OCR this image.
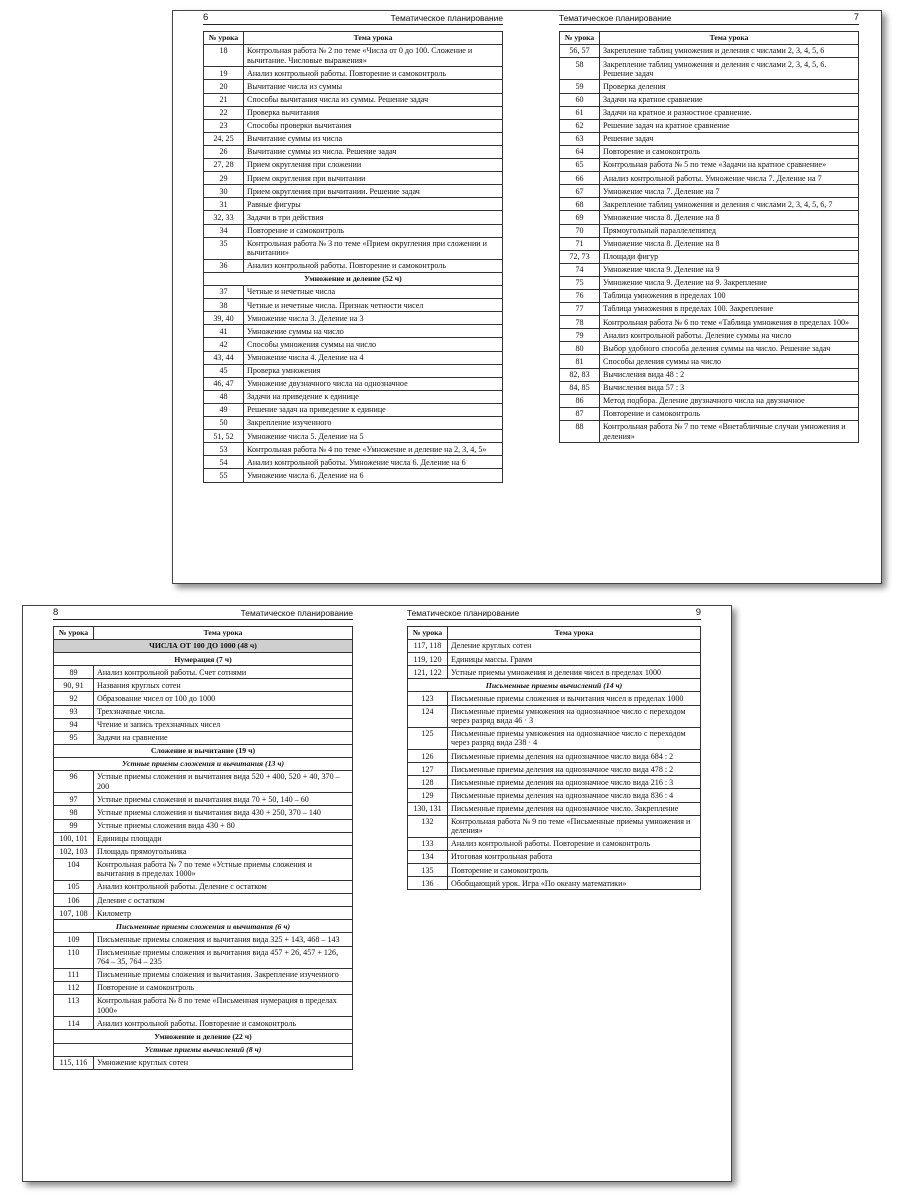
6	Тематическое планирование
№ урока	Тема урока
18	Контрольная работа № 2 по теме «Числа от 0 до 100. Сложение и вычитание. Числовые выражения»
19	Анализ контрольной работы. Повторение и самоконтроль
20	Вычитание числа из суммы
21	Способы вычитания числа из суммы. Решение задач
22	Проверка вычитания
23	Способы проверки вычитания
24, 25	Вычитание суммы из числа
26	Вычитание суммы из числа. Решение задач
27, 28	Прием округления при сложении
29	Прием округления при вычитании
30	Прием округления при вычитании. Решение задач
31	Равные фигуры
32, 33	Задачи в три действия
34	Повторение и самоконтроль
35	Контрольная работа № 3 по теме «Прием округления при сложении и вычитании»
36	Анализ контрольной работы. Повторение и самоконтроль
Умножение и деление (52 ч)	
37	Четные и нечетные числа
38	Четные и нечетные числа. Признак четности чисел
39, 40	Умножение числа 3. Деление на 3
41	Умножение суммы на число
42	Способы умножения суммы на число
43, 44	Умножение числа 4. Деление на 4
45	Проверка умножения
46, 47	Умножение двузначного числа на однозначное
48	Задачи на приведение к единице
49	Решение задач на приведение к единице
50	Закрепление изученного
51, 52	Умножение числа 5. Деление на 5
53	Контрольная работа № 4 по теме «Умножение и деление на 2, 3, 4, 5»
54	Анализ контрольной работы. Умножение числа 6. Деление на 6
55	Умножение числа 6. Деление на 6
Тематическое планирование	7
№ урока	Тема урока
56, 57	Закрепление таблиц умножения и деления с числами 2, 3, 4, 5, 6
58	Закрепление таблиц умножения и деления с числами 2, 3, 4, 5, 6. Решение задач
59	Проверка деления
60	Задачи на кратное сравнение
61	Задачи на кратное и разностное сравнение.
62	Решение задач на кратное сравнение
63	Решение задач
64	Повторение и самоконтроль
65	Контрольная работа № 5 по теме «Задачи на кратное сравнение»
66	Анализ контрольной работы. Умножение числа 7. Деление на 7
67	Умножение числа 7. Деление на 7
68	Закрепление таблиц умножения и деления с числами 2, 3, 4, 5, 6, 7
69	Умножение числа 8. Деление на 8
70	Прямоугольный параллелепипед
71	Умножение числа 8. Деление на 8
72, 73	Площади фигур
74	Умножение числа 9. Деление на 9
75	Умножение числа 9. Деление на 9. Закрепление
76	Таблица умножения в пределах 100
77	Таблица умножения в пределах 100. Закрепление
78	Контрольная работа № 6 по теме «Таблица умножения в пределах 100»
79	Анализ контрольной работы. Деление суммы на число
80	Выбор удобного способа деления суммы на число. Решение задач
81	Способы деления суммы на число
82, 83	Вычисления вида 48 : 2
84, 85	Вычисления вида 57 : 3
86	Метод подбора. Деление двузначного числа на двузначное
87	Повторение и самоконтроль
88	Контрольная работа № 7 по теме «Внетабличные случаи умножения и деления»
8	Тематическое планирование
№ урока	Тема урока
ЧИСЛА ОТ 100 ДО 1000 (48 ч)	
Нумерация (7 ч)	
89	Анализ контрольной работы. Счет сотнями
90, 91	Названия круглых сотен
92	Образование чисел от 100 до 1000
93	Трехзначные числа.
94	Чтение и запись трехзначных чисел
95	Задачи на сравнение
Сложение и вычитание (19 ч)	
Устные приемы сложения и вычитания (13 ч)	
96	Устные приемы сложения и вычитания вида 520 + 400, 520 + 40, 370 – 200
97	Устные приемы сложения и вычитания вида 70 + 50, 140 – 60
98	Устные приемы сложения и вычитания вида 430 + 250, 370 – 140
99	Устные приемы сложения вида 430 + 80
100, 101	Единицы площади
102, 103	Площадь прямоугольника
104	Контрольная работа № 7 по теме «Устные приемы сложения и вычитания в пределах 1000»
105	Анализ контрольной работы. Деление с остатком
106	Деление с остатком
107, 108	Километр
Письменные приемы сложения и вычитания (6 ч)	
109	Письменные приемы сложения и вычитания вида 325 + 143, 468 – 143
110	Письменные приемы сложения и вычитания вида 457 + 26, 457 + 126, 764 – 35, 764 – 235
111	Письменные приемы сложения и вычитания. Закрепление изученного
112	Повторение и самоконтроль
113	Контрольная работа № 8 по теме «Письменная нумерация в пределах 1000»
114	Анализ контрольной работы. Повторение и самоконтроль
Умножение и деление (22 ч)	
Устные приемы вычислений (8 ч)	
115, 116	Умножение круглых сотен
Тематическое планирование	9
№ урока	Тема урока
117, 118	Деление круглых сотен
119, 120	Единицы массы. Грамм
121, 122	Устные приемы умножения и деления чисел в пределах 1000
Письменные приемы вычислений (14 ч)	
123	Письменные приемы сложения и вычитания чисел в пределах 1000
124	Письменные приемы умножения на однозначное число с переходом через разряд вида 46 · 3
125	Письменные приемы умножения на однозначное число с переходом через разряд вида 238 · 4
126	Письменные приемы деления на однозначное число вида 684 : 2
127	Письменные приемы деления на однозначное число вида 478 : 2
128	Письменные приемы деления на однозначное число вида 216 : 3
129	Письменные приемы деления на однозначное число вида 836 : 4
130, 131	Письменные приемы деления на однозначное число. Закрепление
132	Контрольная работа № 9 по теме «Письменные приемы умножения и деления»
133	Анализ контрольной работы. Повторение и самоконтроль
134	Итоговая контрольная работа
135	Повторение и самоконтроль
136	Обобщающий урок. Игра «По океану математики»
